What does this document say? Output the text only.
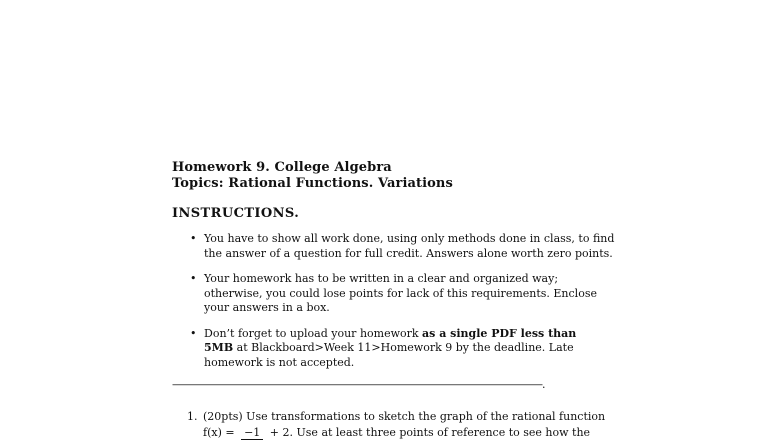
Homework 9. College Algebra
Topics: Rational Functions. Variations
INSTRUCTIONS.
• You have to show all work done, using only methods done in class, to find
the answer of a question for full credit. Answers alone worth zero points.
• Your homework has to be written in a clear and organized way;
otherwise, you could lose points for lack of this requirements. Enclose
your answers in a box.
• Don’t forget to upload your homework as a single PDF less than
5MB at Blackboard>Week 11>Homework 9 by the deadline. Late
homework is not accepted.
—————————————————————————————————————.
1. (20pts) Use transformations to sketch the graph of the rational function
f(x) = −1 + 2. Use at least three points of reference to see how the
